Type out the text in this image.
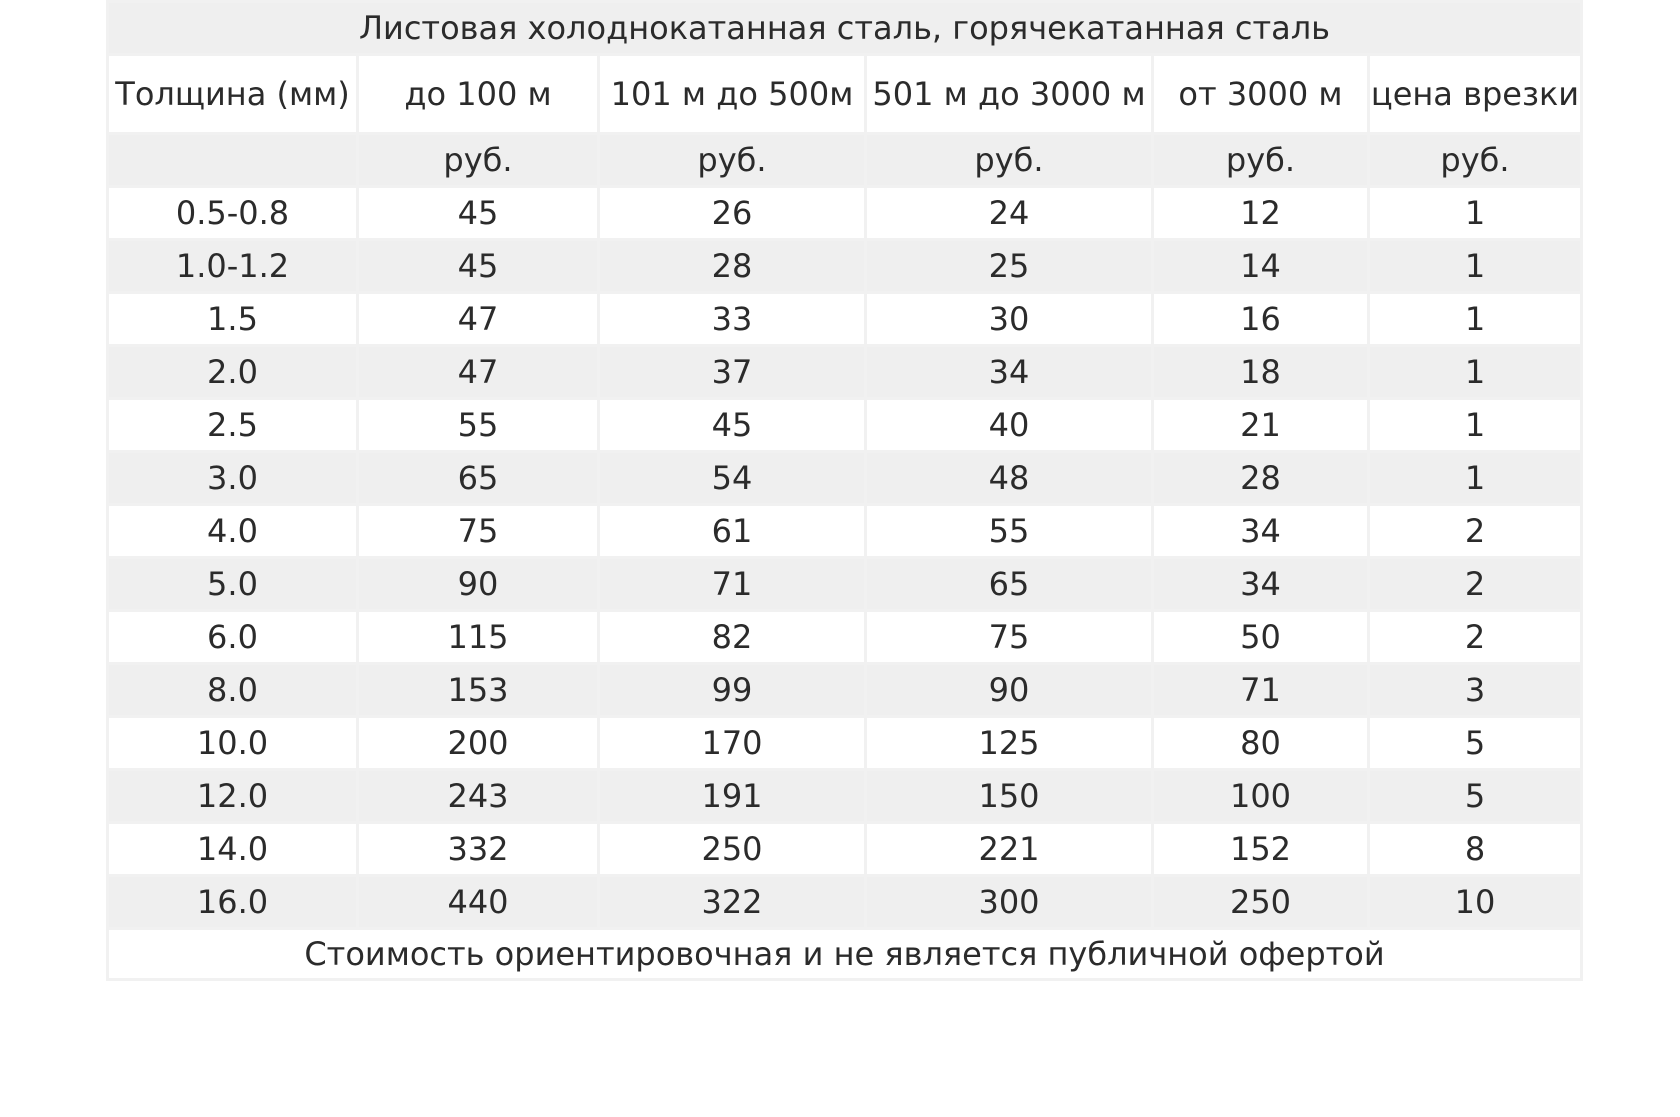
Листовая холоднокатанная сталь, горячекатанная сталь					
Толщина (мм)	до 100 м	101 м до 500м	501 м до 3000 м	от 3000 м	цена врезки
	руб.	руб.	руб.	руб.	руб.
0.5-0.8	45	26	24	12	1
1.0-1.2	45	28	25	14	1
1.5	47	33	30	16	1
2.0	47	37	34	18	1
2.5	55	45	40	21	1
3.0	65	54	48	28	1
4.0	75	61	55	34	2
5.0	90	71	65	34	2
6.0	115	82	75	50	2
8.0	153	99	90	71	3
10.0	200	170	125	80	5
12.0	243	191	150	100	5
14.0	332	250	221	152	8
16.0	440	322	300	250	10
Стоимость ориентировочная и не является публичной офертой					
